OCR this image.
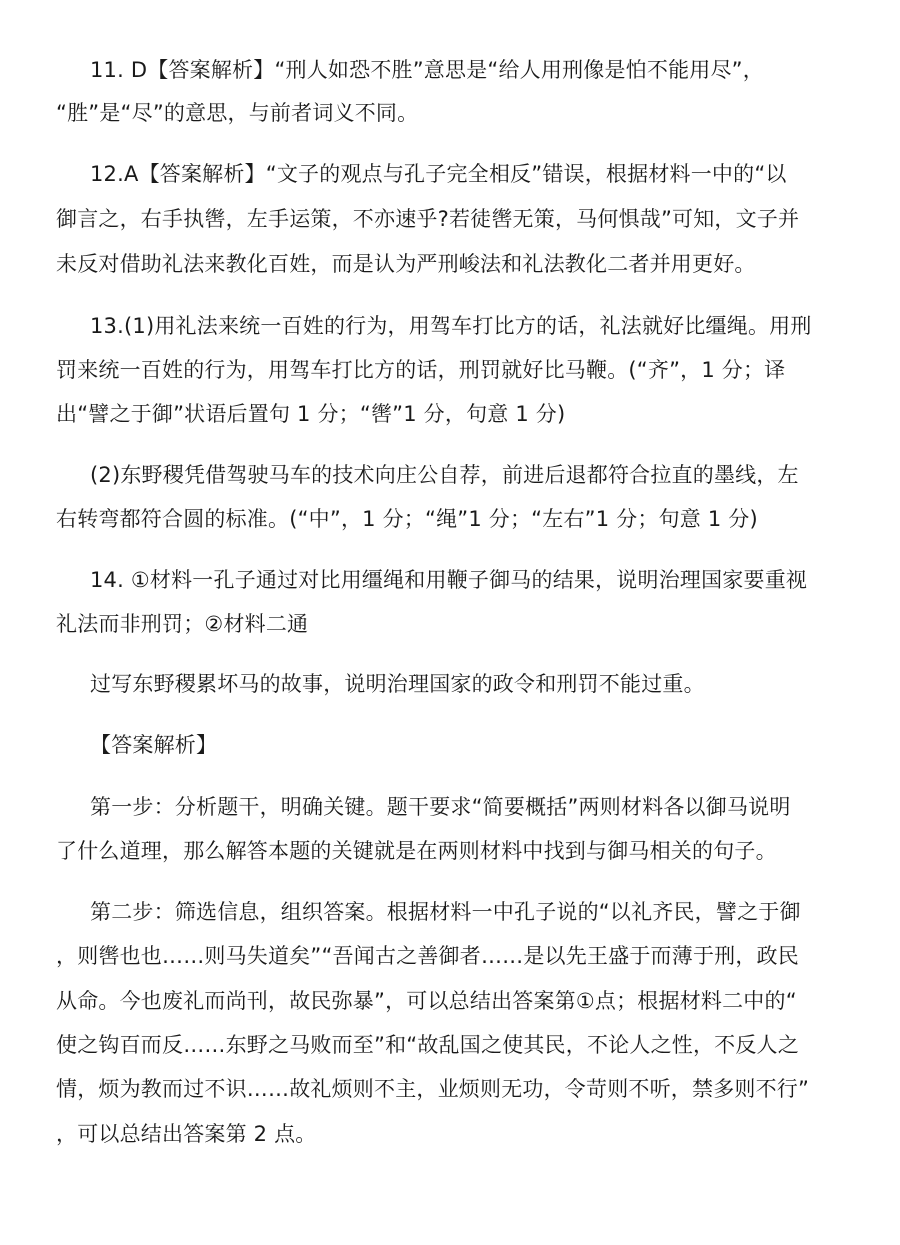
11. D【答案解析】“刑人如恐不胜”意思是“给人用刑像是怕不能用尽”，
“胜”是“尽”的意思，与前者词义不同。
12.A【答案解析】“文子的观点与孔子完全相反”错误，根据材料一中的“以
御言之，右手执辔，左手运策，不亦速乎?若徒辔无策，马何惧哉”可知，文子并
未反对借助礼法来教化百姓，而是认为严刑峻法和礼法教化二者并用更好。
13.(1)用礼法来统一百姓的行为，用驾车打比方的话，礼法就好比缰绳。用刑
罚来统一百姓的行为，用驾车打比方的话，刑罚就好比马鞭。(“齐”，1 分；译
出“譬之于御”状语后置句 1 分；“辔”1 分，句意 1 分)
(2)东野稷凭借驾驶马车的技术向庄公自荐，前进后退都符合拉直的墨线，左
右转弯都符合圆的标准。(“中”，1 分；“绳”1 分；“左右”1 分；句意 1 分)
14. ①材料一孔子通过对比用缰绳和用鞭子御马的结果，说明治理国家要重视
礼法而非刑罚；②材料二通
过写东野稷累坏马的故事，说明治理国家的政令和刑罚不能过重。
【答案解析】
第一步：分析题干，明确关键。题干要求“简要概括”两则材料各以御马说明
了什么道理，那么解答本题的关键就是在两则材料中找到与御马相关的句子。
第二步：筛选信息，组织答案。根据材料一中孔子说的“以礼齐民，譬之于御
，则辔也也……则马失道矣”“吾闻古之善御者……是以先王盛于而薄于刑，政民
从命。今也废礼而尚刊，故民弥暴”，可以总结出答案第①点；根据材料二中的“
使之钩百而反……东野之马败而至”和“故乱国之使其民，不论人之性，不反人之
情，烦为教而过不识……故礼烦则不主，业烦则无功，令苛则不听，禁多则不行”
，可以总结出答案第 2 点。
